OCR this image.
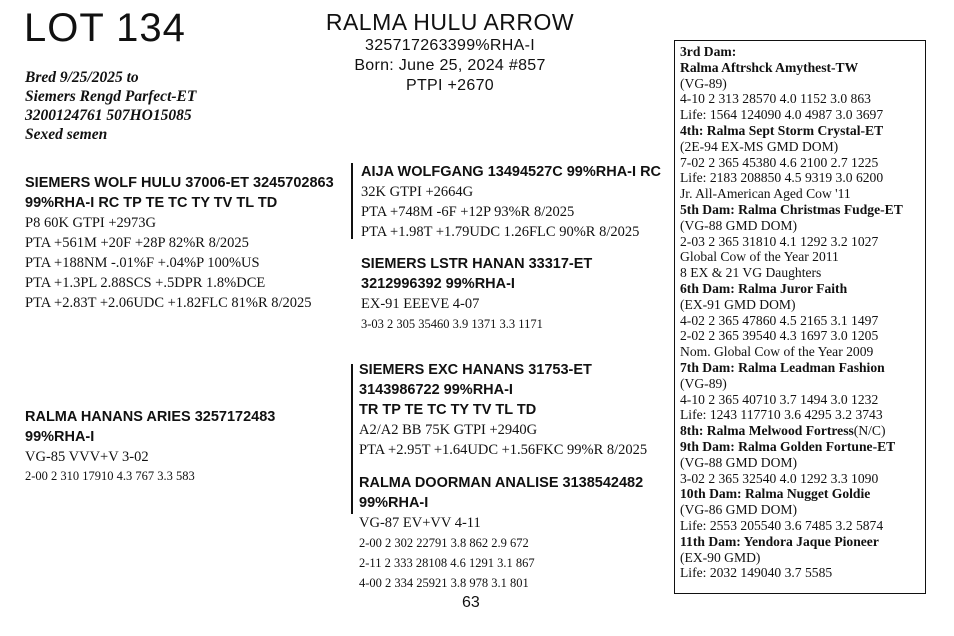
LOT 134
Bred 9/25/2025 to
Siemers Rengd Parfect-ET
3200124761 507HO15085
Sexed semen
RALMA HULU ARROW
325717263399%RHA-I
Born: June 25, 2024 #857
PTPI +2670
SIEMERS WOLF HULU 37006-ET 3245702863
99%RHA-I RC TP TE TC TY TV TL TD
P8 60K GTPI +2973G
PTA +561M +20F +28P 82%R 8/2025
PTA +188NM -.01%F +.04%P 100%US
PTA +1.3PL 2.88SCS +.5DPR 1.8%DCE
PTA +2.83T +2.06UDC +1.82FLC 81%R 8/2025
AIJA WOLFGANG 13494527C 99%RHA-I RC
32K GTPI +2664G
PTA +748M -6F +12P 93%R 8/2025
PTA +1.98T +1.79UDC 1.26FLC 90%R 8/2025
SIEMERS LSTR HANAN 33317-ET
3212996392 99%RHA-I
EX-91 EEEVE 4-07
3-03 2 305 35460 3.9 1371 3.3 1171
RALMA HANANS ARIES 3257172483
99%RHA-I
VG-85 VVV+V 3-02
2-00 2 310 17910 4.3 767 3.3 583
SIEMERS EXC HANANS 31753-ET
3143986722 99%RHA-I
TR TP TE TC TY TV TL TD
A2/A2 BB 75K GTPI +2940G
PTA +2.95T +1.64UDC +1.56FKC 99%R 8/2025
RALMA DOORMAN ANALISE 3138542482
99%RHA-I
VG-87 EV+VV 4-11
2-00 2 302 22791 3.8 862 2.9 672
2-11 2 333 28108 4.6 1291 3.1 867
4-00 2 334 25921 3.8 978 3.1 801
3rd Dam:
Ralma Aftrshck Amythest-TW
(VG-89)
4-10 2 313 28570 4.0 1152 3.0 863
Life: 1564 124090 4.0 4987 3.0 3697
4th: Ralma Sept Storm Crystal-ET
(2E-94 EX-MS GMD DOM)
7-02 2 365 45380 4.6 2100 2.7 1225
Life: 2183 208850 4.5 9319 3.0 6200
Jr. All-American Aged Cow '11
5th Dam: Ralma Christmas Fudge-ET
(VG-88 GMD DOM)
2-03 2 365 31810 4.1 1292 3.2 1027
Global Cow of the Year 2011
8 EX & 21 VG Daughters
6th Dam: Ralma Juror Faith
(EX-91 GMD DOM)
4-02 2 365 47860 4.5 2165 3.1 1497
2-02 2 365 39540 4.3 1697 3.0 1205
Nom. Global Cow of the Year 2009
7th Dam: Ralma Leadman Fashion
(VG-89)
4-10 2 365 40710 3.7 1494 3.0 1232
Life: 1243 117710 3.6 4295 3.2 3743
8th: Ralma Melwood Fortress(N/C)
9th Dam: Ralma Golden Fortune-ET
(VG-88 GMD DOM)
3-02 2 365 32540 4.0 1292 3.3 1090
10th Dam: Ralma Nugget Goldie
(VG-86 GMD DOM)
Life: 2553 205540 3.6 7485 3.2 5874
11th Dam: Yendora Jaque Pioneer
(EX-90 GMD)
Life: 2032 149040 3.7 5585
63
